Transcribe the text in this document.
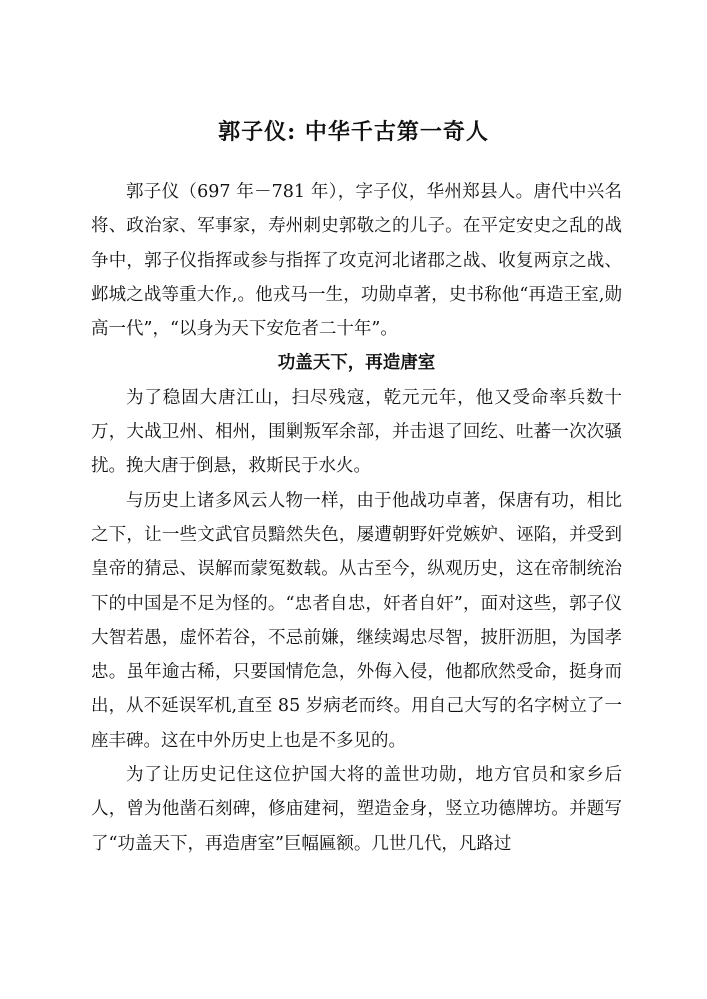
郭子仪: 中华千古第一奇人

郭子仪（697 年－781 年），字子仪，华州郑县人。唐代中兴名将、政治家、军事家，寿州刺史郭敬之的儿子。在平定安史之乱的战争中，郭子仪指挥或参与指挥了攻克河北诸郡之战、收复两京之战、邺城之战等重大作,。他戎马一生，功勋卓著，史书称他“再造王室,勋高一代”，“以身为天下安危者二十年”。

功盖天下，再造唐室

为了稳固大唐江山，扫尽残寇，乾元元年，他又受命率兵数十万，大战卫州、相州，围剿叛军余部，并击退了回纥、吐蕃一次次骚扰。挽大唐于倒悬，救斯民于水火。

与历史上诸多风云人物一样，由于他战功卓著，保唐有功，相比之下，让一些文武官员黯然失色，屡遭朝野奸党嫉妒、诬陷，并受到皇帝的猜忌、误解而蒙冤数载。从古至今，纵观历史，这在帝制统治下的中国是不足为怪的。“忠者自忠，奸者自奸”，面对这些，郭子仪大智若愚，虚怀若谷，不忌前嫌，继续竭忠尽智，披肝沥胆，为国孝忠。虽年逾古稀，只要国情危急，外侮入侵，他都欣然受命，挺身而出，从不延误军机,直至 85 岁病老而终。用自己大写的名字树立了一座丰碑。这在中外历史上也是不多见的。

为了让历史记住这位护国大将的盖世功勋，地方官员和家乡后人，曾为他凿石刻碑，修庙建祠，塑造金身，竖立功德牌坊。并题写了“功盖天下，再造唐室”巨幅匾额。几世几代，凡路过
